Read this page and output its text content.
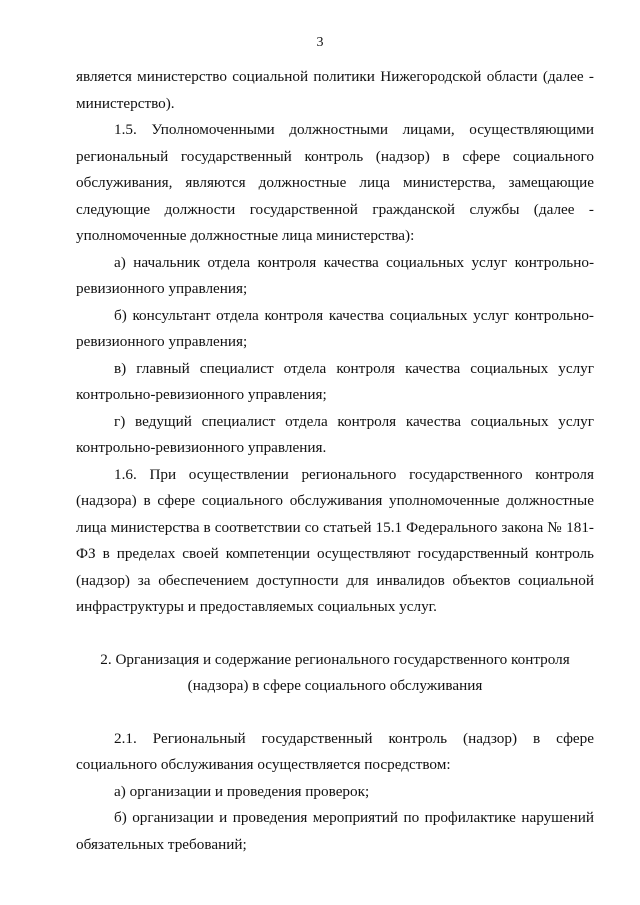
3

является министерство социальной политики Нижегородской области (далее - министерство).

1.5. Уполномоченными должностными лицами, осуществляющими региональный государственный контроль (надзор) в сфере социального обслуживания, являются должностные лица министерства, замещающие следующие должности государственной гражданской службы (далее - уполномоченные должностные лица министерства):

а) начальник отдела контроля качества социальных услуг контрольно-ревизионного управления;

б) консультант отдела контроля качества социальных услуг контрольно-ревизионного управления;

в) главный специалист отдела контроля качества социальных услуг контрольно-ревизионного управления;

г) ведущий специалист отдела контроля качества социальных услуг контрольно-ревизионного управления.

1.6. При осуществлении регионального государственного контроля (надзора) в сфере социального обслуживания уполномоченные должностные лица министерства в соответствии со статьей 15.1 Федерального закона № 181-ФЗ в пределах своей компетенции осуществляют государственный контроль (надзор) за обеспечением доступности для инвалидов объектов социальной инфраструктуры и предоставляемых социальных услуг.

2. Организация и содержание регионального государственного контроля
(надзора) в сфере социального обслуживания

2.1. Региональный государственный контроль (надзор) в сфере социального обслуживания осуществляется посредством:

а) организации и проведения проверок;

б) организации и проведения мероприятий по профилактике нарушений обязательных требований;
